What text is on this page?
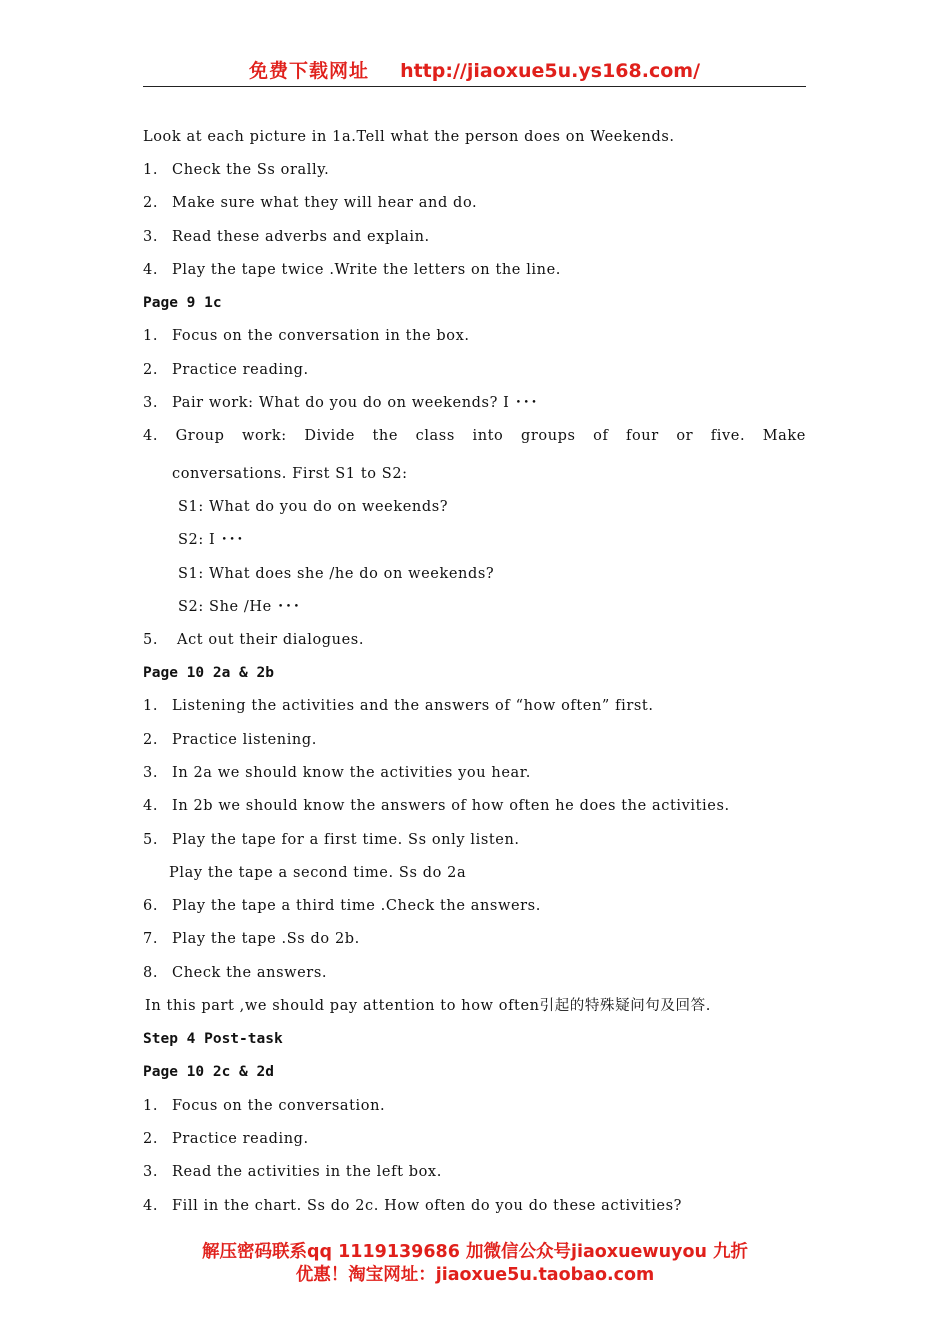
免费下载网址 http://jiaoxue5u.ys168.com/
Look at each picture in 1a.Tell what the person does on Weekends.
1. Check the Ss orally.
2. Make sure what they will hear and do.
3. Read these adverbs and explain.
4. Play the tape twice .Write the letters on the line.
Page 9 1c
1. Focus on the conversation in the box.
2. Practice reading.
3. Pair work: What do you do on weekends? I ･･･
4. Group work: Divide the class into groups of four or five. Make
conversations. First S1 to S2:
S1: What do you do on weekends?
S2: I ･･･
S1: What does she /he do on weekends?
S2: She /He ･･･
5. Act out their dialogues.
Page 10 2a & 2b
1. Listening the activities and the answers of “how often” first.
2. Practice listening.
3. In 2a we should know the activities you hear.
4. In 2b we should know the answers of how often he does the activities.
5. Play the tape for a first time. Ss only listen.
Play the tape a second time. Ss do 2a
6. Play the tape a third time .Check the answers.
7. Play the tape .Ss do 2b.
8. Check the answers.
In this part ,we should pay attention to how often引起的特殊疑问句及回答.
Step 4 Post-task
Page 10 2c & 2d
1. Focus on the conversation.
2. Practice reading.
3. Read the activities in the left box.
4. Fill in the chart. Ss do 2c. How often do you do these activities?
解压密码联系qq 1119139686 加微信公众号jiaoxuewuyou 九折
优惠！淘宝网址：jiaoxue5u.taobao.com
